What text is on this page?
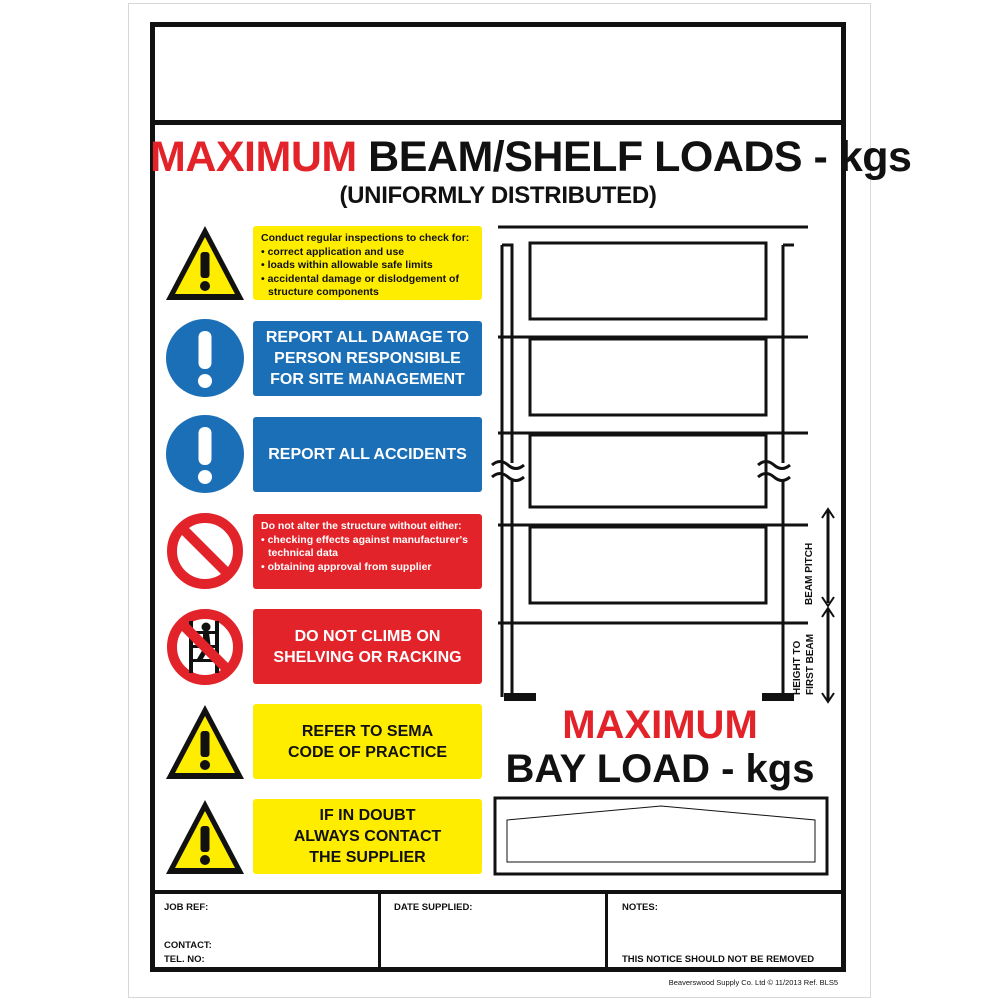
MAXIMUM BEAM/SHELF LOADS - kgs
(UNIFORMLY DISTRIBUTED)
Conduct regular inspections to check for:
• correct application and use
• loads within allowable safe limits
• accidental damage or dislodgement of structure components
REPORT ALL DAMAGE TO
PERSON RESPONSIBLE
FOR SITE MANAGEMENT
REPORT ALL ACCIDENTS
Do not alter the structure without either:
• checking effects against manufacturer's technical data
• obtaining approval from supplier
DO NOT CLIMB ON
SHELVING OR RACKING
REFER TO SEMA
CODE OF PRACTICE
IF IN DOUBT
ALWAYS CONTACT
THE SUPPLIER
BEAM PITCH
HEIGHT TO FIRST BEAM
MAXIMUM
BAY LOAD - kgs
JOB REF:
CONTACT:
TEL. NO:
DATE SUPPLIED:	NOTES:
THIS NOTICE SHOULD NOT BE REMOVED
Beaverswood Supply Co. Ltd © 11/2013 Ref. BLS5
